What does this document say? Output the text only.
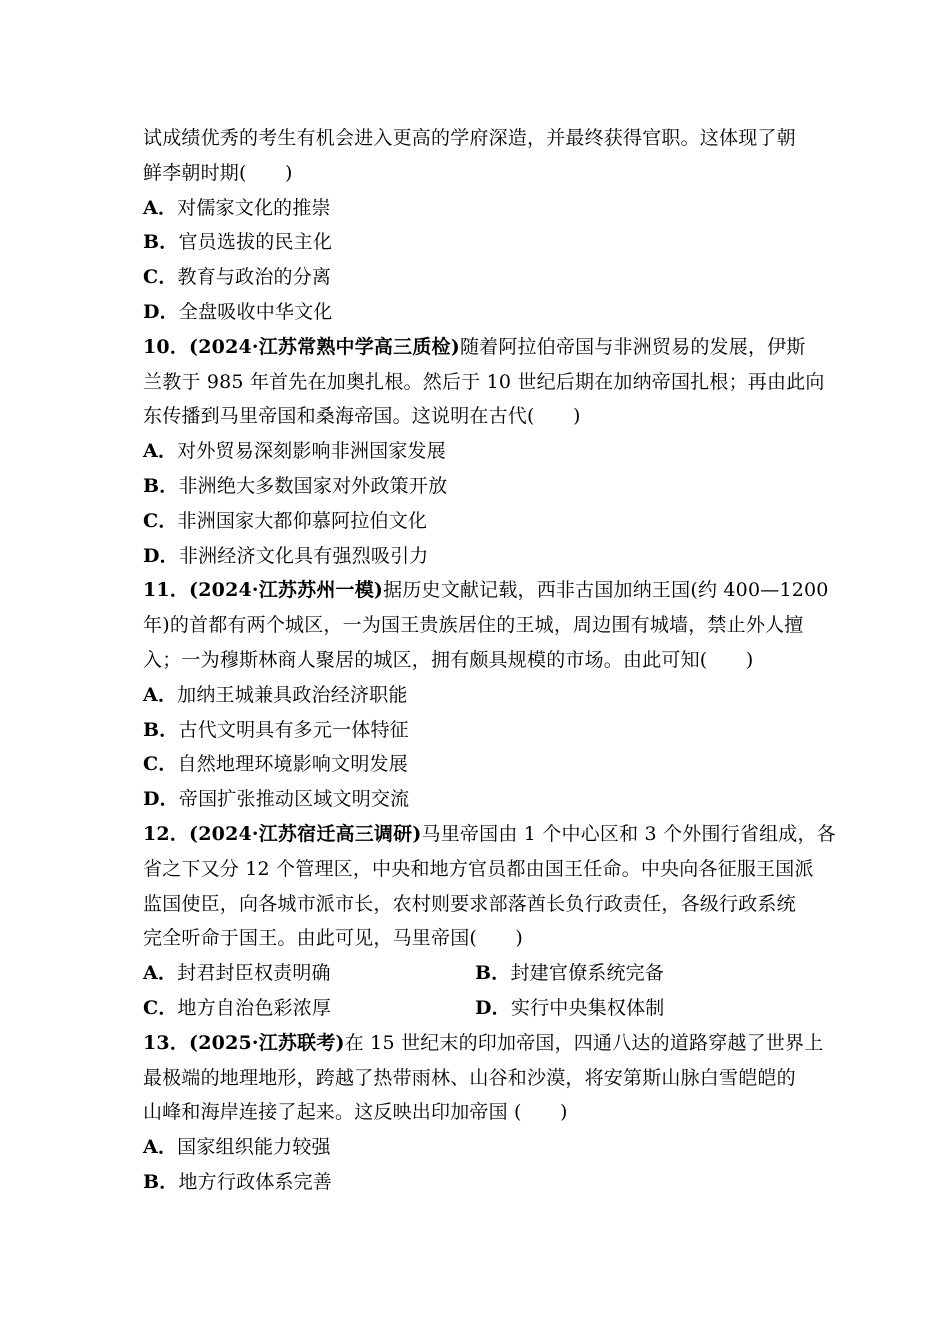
试成绩优秀的考生有机会进入更高的学府深造，并最终获得官职。这体现了朝
鲜李朝时期(　　)
A．对儒家文化的推崇
B．官员选拔的民主化
C．教育与政治的分离
D．全盘吸收中华文化
10．(2024·江苏常熟中学高三质检)随着阿拉伯帝国与非洲贸易的发展，伊斯
兰教于 985 年首先在加奥扎根。然后于 10 世纪后期在加纳帝国扎根；再由此向
东传播到马里帝国和桑海帝国。这说明在古代(　　)
A．对外贸易深刻影响非洲国家发展
B．非洲绝大多数国家对外政策开放
C．非洲国家大都仰慕阿拉伯文化
D．非洲经济文化具有强烈吸引力
11．(2024·江苏苏州一模)据历史文献记载，西非古国加纳王国(约 400—1200
年)的首都有两个城区，一为国王贵族居住的王城，周边围有城墙，禁止外人擅
入；一为穆斯林商人聚居的城区，拥有颇具规模的市场。由此可知(　　)
A．加纳王城兼具政治经济职能
B．古代文明具有多元一体特征
C．自然地理环境影响文明发展
D．帝国扩张推动区域文明交流
12．(2024·江苏宿迁高三调研)马里帝国由 1 个中心区和 3 个外围行省组成，各
省之下又分 12 个管理区，中央和地方官员都由国王任命。中央向各征服王国派
监国使臣，向各城市派市长，农村则要求部落酋长负行政责任，各级行政系统
完全听命于国王。由此可见，马里帝国(　　)
A．封君封臣权责明确	B．封建官僚系统完备
C．地方自治色彩浓厚	D．实行中央集权体制
13．(2025·江苏联考)在 15 世纪末的印加帝国，四通八达的道路穿越了世界上
最极端的地理地形，跨越了热带雨林、山谷和沙漠，将安第斯山脉白雪皑皑的
山峰和海岸连接了起来。这反映出印加帝国 (　　)
A．国家组织能力较强
B．地方行政体系完善
